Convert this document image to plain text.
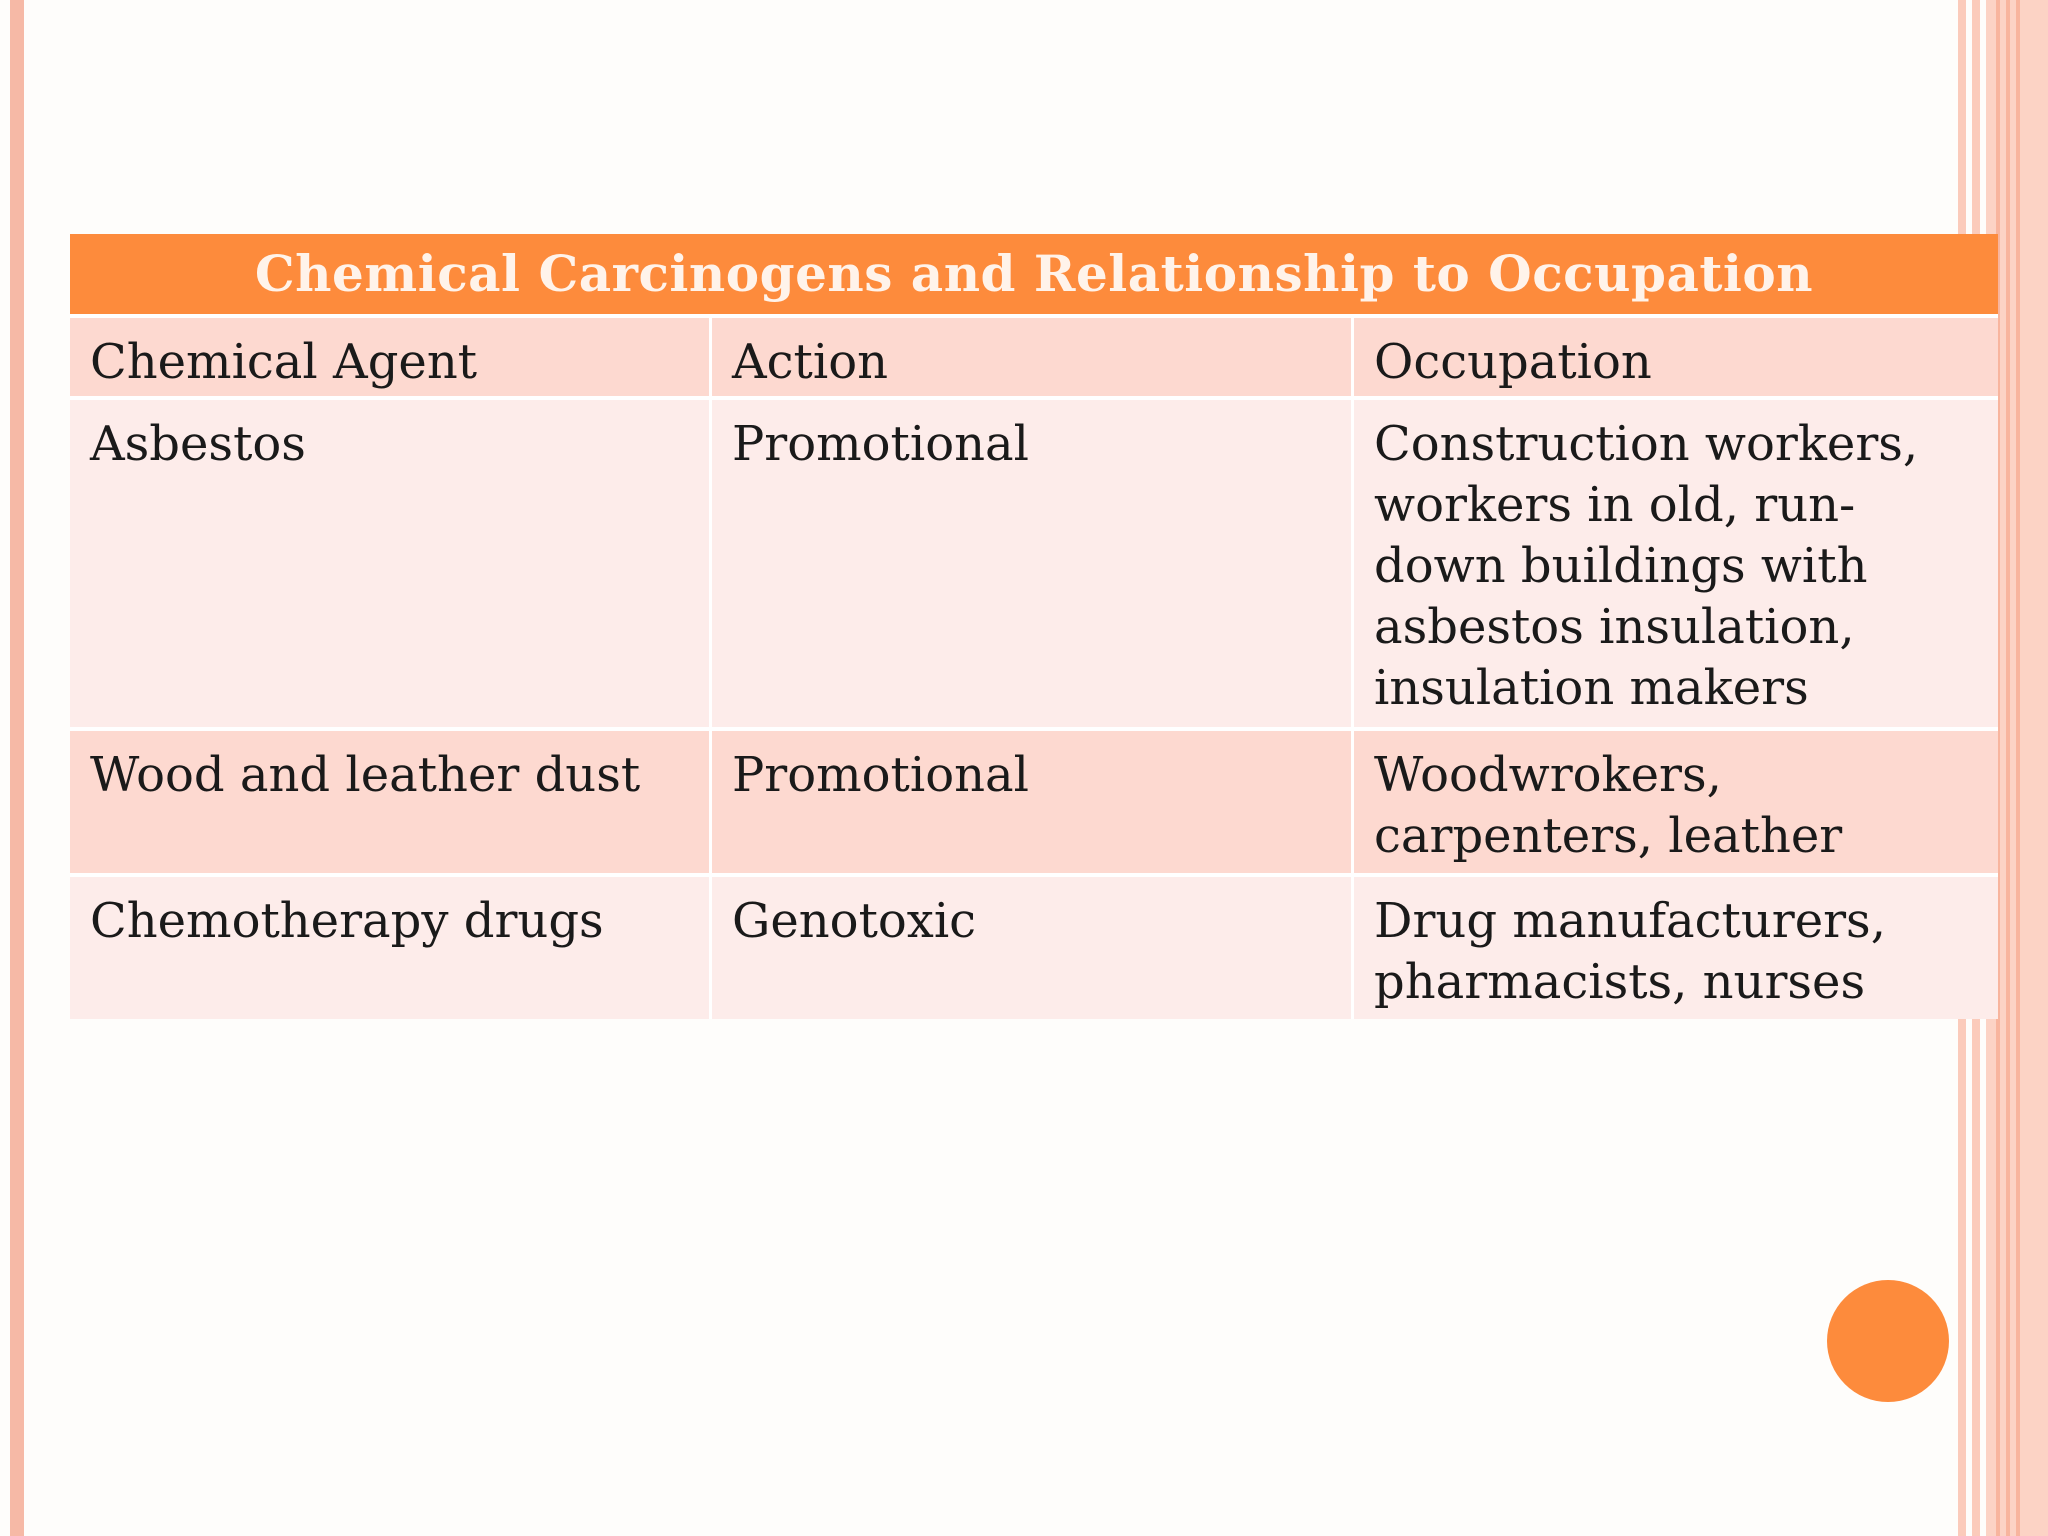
Chemical Carcinogens and Relationship to Occupation
Chemical Agent	Action	Occupation
Asbestos	Promotional	Construction workers, workers in old, run-down buildings with asbestos insulation, insulation makers
Wood and leather dust	Promotional	Woodwrokers, carpenters, leather
Chemotherapy drugs	Genotoxic	Drug manufacturers, pharmacists, nurses
